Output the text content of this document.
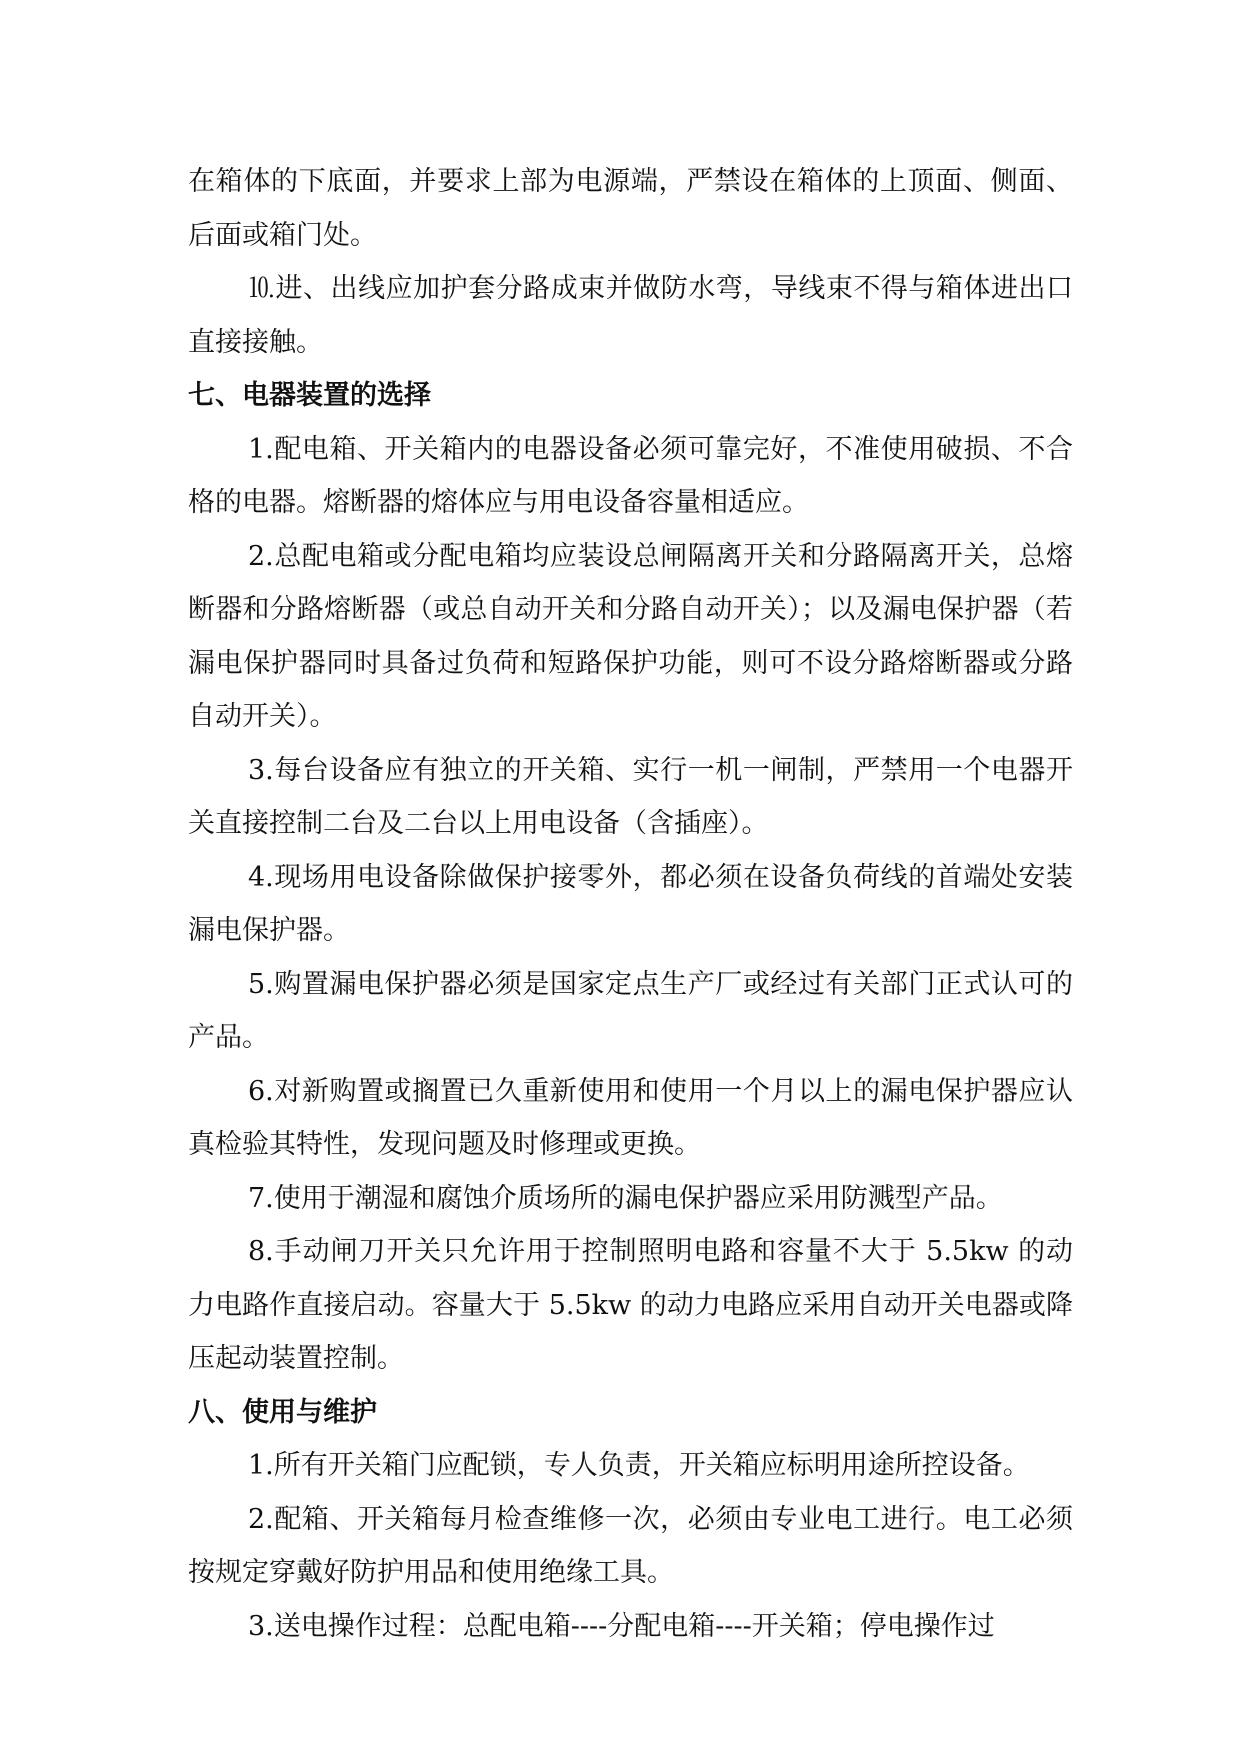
在箱体的下底面，并要求上部为电源端，严禁设在箱体的上顶面、侧面、后面或箱门处。

⒑进、出线应加护套分路成束并做防水弯，导线束不得与箱体进出口直接接触。

七、电器装置的选择

1.配电箱、开关箱内的电器设备必须可靠完好，不准使用破损、不合格的电器。熔断器的熔体应与用电设备容量相适应。

2.总配电箱或分配电箱均应装设总闸隔离开关和分路隔离开关，总熔断器和分路熔断器（或总自动开关和分路自动开关）；以及漏电保护器（若漏电保护器同时具备过负荷和短路保护功能，则可不设分路熔断器或分路自动开关）。

3.每台设备应有独立的开关箱、实行一机一闸制，严禁用一个电器开关直接控制二台及二台以上用电设备（含插座）。

4.现场用电设备除做保护接零外，都必须在设备负荷线的首端处安装漏电保护器。

5.购置漏电保护器必须是国家定点生产厂或经过有关部门正式认可的产品。

6.对新购置或搁置已久重新使用和使用一个月以上的漏电保护器应认真检验其特性，发现问题及时修理或更换。

7.使用于潮湿和腐蚀介质场所的漏电保护器应采用防溅型产品。

8.手动闸刀开关只允许用于控制照明电路和容量不大于 5.5kw 的动力电路作直接启动。容量大于 5.5kw 的动力电路应采用自动开关电器或降压起动装置控制。

八、使用与维护

1.所有开关箱门应配锁，专人负责，开关箱应标明用途所控设备。

2.配箱、开关箱每月检查维修一次，必须由专业电工进行。电工必须按规定穿戴好防护用品和使用绝缘工具。

3.送电操作过程：总配电箱----分配电箱----开关箱；停电操作过
